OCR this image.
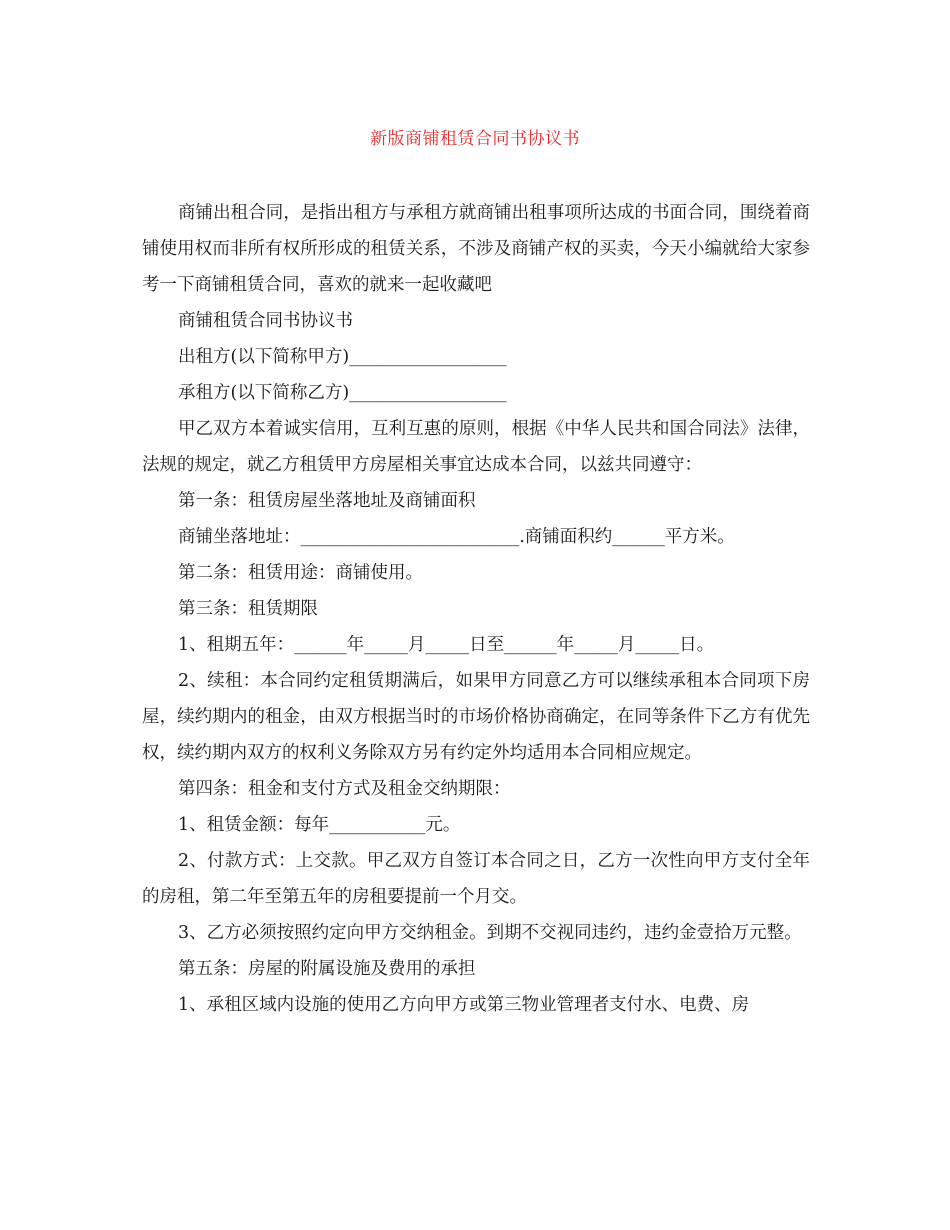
新版商铺租赁合同书协议书

商铺出租合同，是指出租方与承租方就商铺出租事项所达成的书面合同，围绕着商铺使用权而非所有权所形成的租赁关系，不涉及商铺产权的买卖，今天小编就给大家参考一下商铺租赁合同，喜欢的就来一起收藏吧

商铺租赁合同书协议书

出租方(以下简称甲方)__________________

承租方(以下简称乙方)__________________

甲乙双方本着诚实信用，互利互惠的原则，根据《中华人民共和国合同法》法律，法规的规定，就乙方租赁甲方房屋相关事宜达成本合同，以兹共同遵守：

第一条：租赁房屋坐落地址及商铺面积

商铺坐落地址：_________________________.商铺面积约______平方米。

第二条：租赁用途：商铺使用。

第三条：租赁期限

1、租期五年：______年_____月_____日至______年_____月_____日。

2、续租：本合同约定租赁期满后，如果甲方同意乙方可以继续承租本合同项下房屋，续约期内的租金，由双方根据当时的市场价格协商确定，在同等条件下乙方有优先权，续约期内双方的权利义务除双方另有约定外均适用本合同相应规定。

第四条：租金和支付方式及租金交纳期限：

1、租赁金额：每年___________元。

2、付款方式：上交款。甲乙双方自签订本合同之日，乙方一次性向甲方支付全年的房租，第二年至第五年的房租要提前一个月交。

3、乙方必须按照约定向甲方交纳租金。到期不交视同违约，违约金壹拾万元整。

第五条：房屋的附属设施及费用的承担

1、承租区域内设施的使用乙方向甲方或第三物业管理者支付水、电费、房
